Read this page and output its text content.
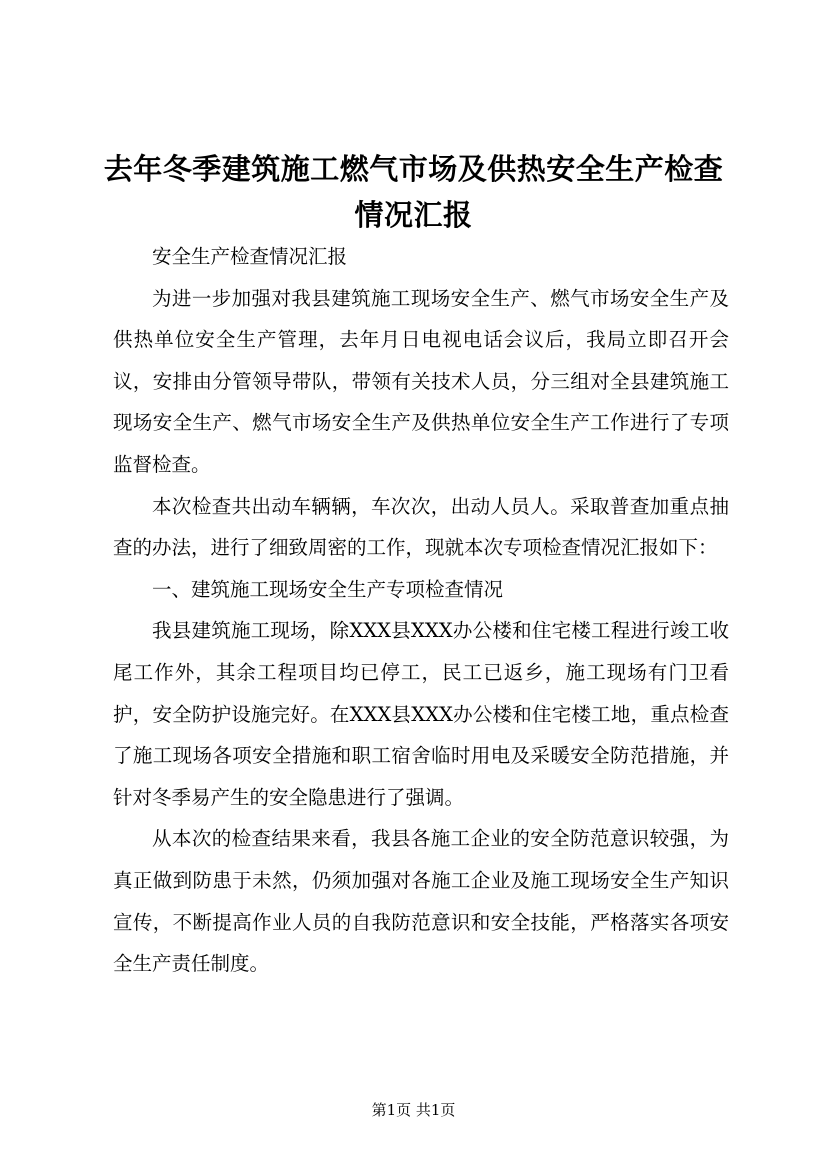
去年冬季建筑施工燃气市场及供热安全生产检查情况汇报

安全生产检查情况汇报

为进一步加强对我县建筑施工现场安全生产、燃气市场安全生产及供热单位安全生产管理，去年月日电视电话会议后，我局立即召开会议，安排由分管领导带队，带领有关技术人员，分三组对全县建筑施工现场安全生产、燃气市场安全生产及供热单位安全生产工作进行了专项监督检查。

本次检查共出动车辆辆，车次次，出动人员人。采取普查加重点抽查的办法，进行了细致周密的工作，现就本次专项检查情况汇报如下：

一、建筑施工现场安全生产专项检查情况

我县建筑施工现场，除XXX县XXX办公楼和住宅楼工程进行竣工收尾工作外，其余工程项目均已停工，民工已返乡，施工现场有门卫看护，安全防护设施完好。在XXX县XXX办公楼和住宅楼工地，重点检查了施工现场各项安全措施和职工宿舍临时用电及采暖安全防范措施，并针对冬季易产生的安全隐患进行了强调。

从本次的检查结果来看，我县各施工企业的安全防范意识较强，为真正做到防患于未然，仍须加强对各施工企业及施工现场安全生产知识宣传，不断提高作业人员的自我防范意识和安全技能，严格落实各项安全生产责任制度。

第1页 共1页
